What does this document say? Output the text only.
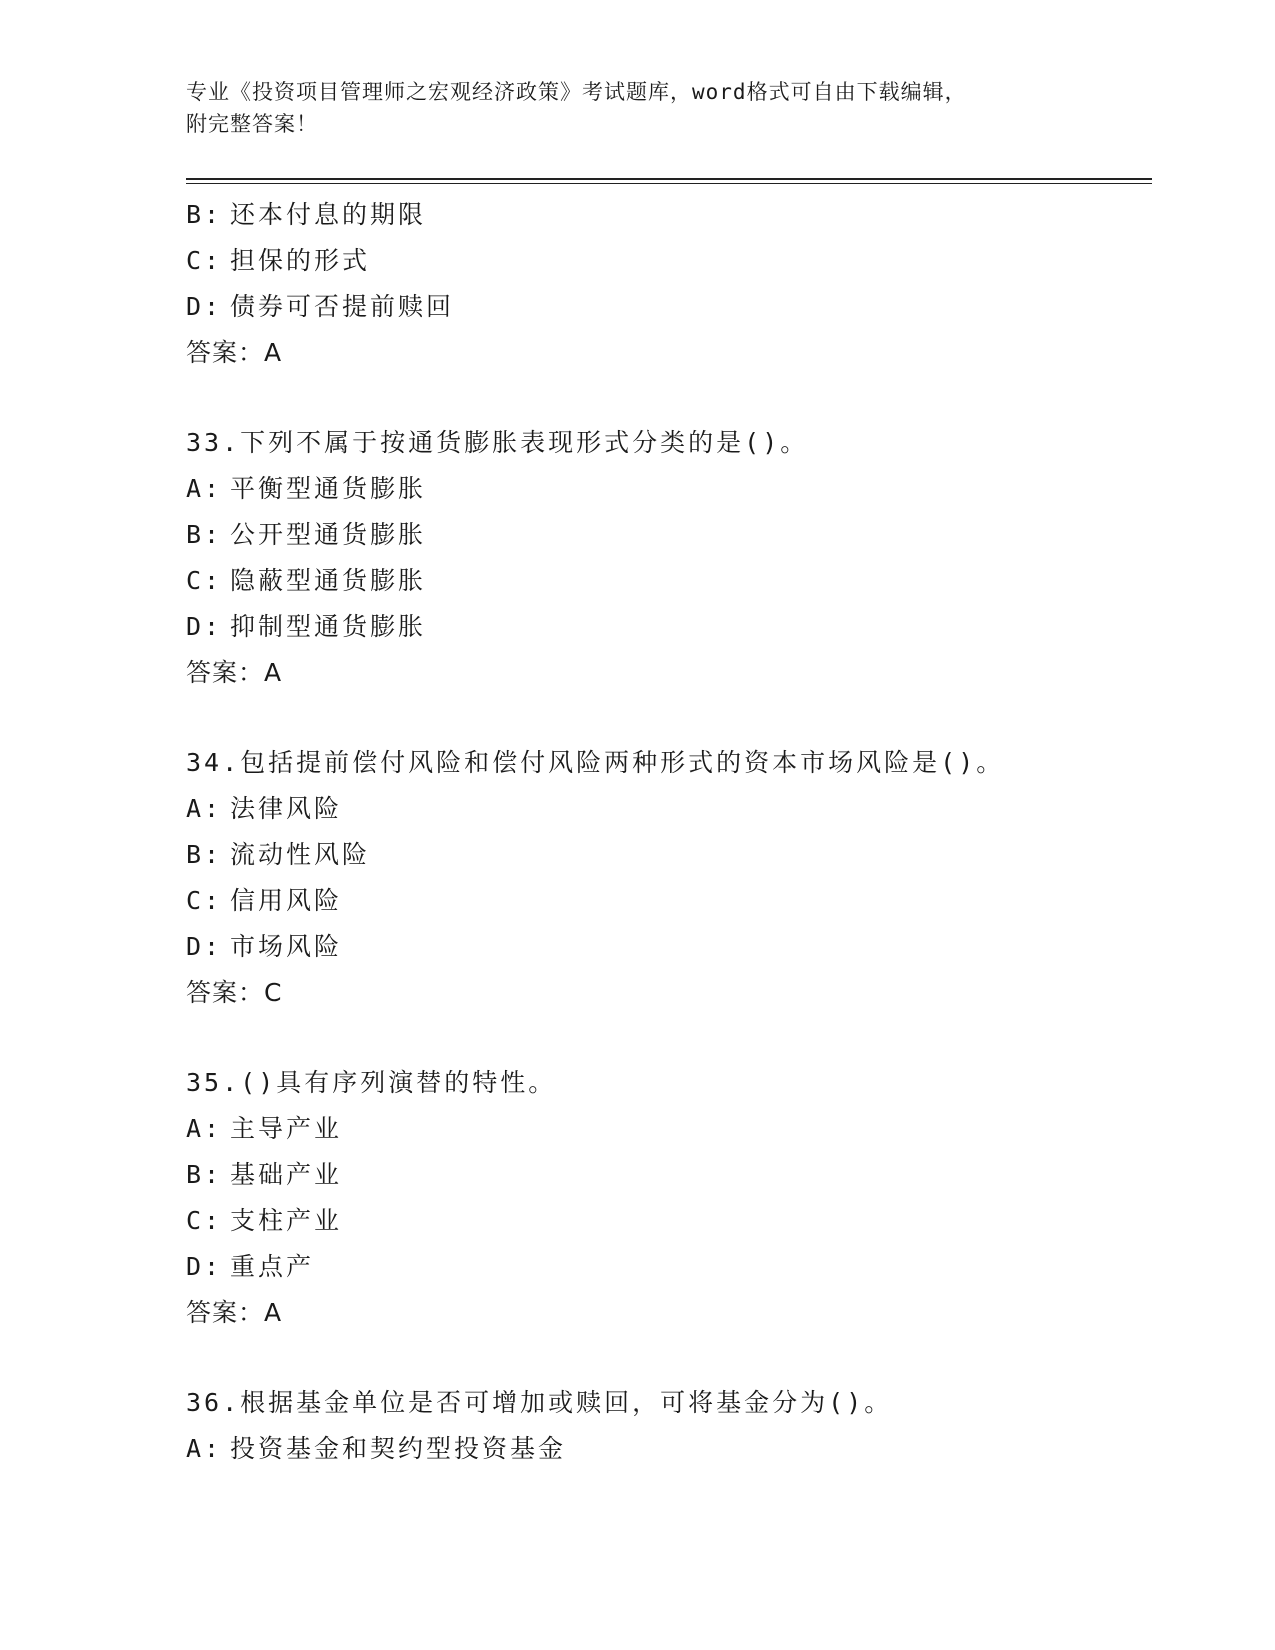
专业《投资项目管理师之宏观经济政策》考试题库，word格式可自由下载编辑，
附完整答案！
B: 还本付息的期限
C: 担保的形式
D: 债券可否提前赎回
答案：A
33.下列不属于按通货膨胀表现形式分类的是()。
A: 平衡型通货膨胀
B: 公开型通货膨胀
C: 隐蔽型通货膨胀
D: 抑制型通货膨胀
答案：A
34.包括提前偿付风险和偿付风险两种形式的资本市场风险是()。
A: 法律风险
B: 流动性风险
C: 信用风险
D: 市场风险
答案：C
35.()具有序列演替的特性。
A: 主导产业
B: 基础产业
C: 支柱产业
D: 重点产
答案：A
36.根据基金单位是否可增加或赎回，可将基金分为()。
A: 投资基金和契约型投资基金
